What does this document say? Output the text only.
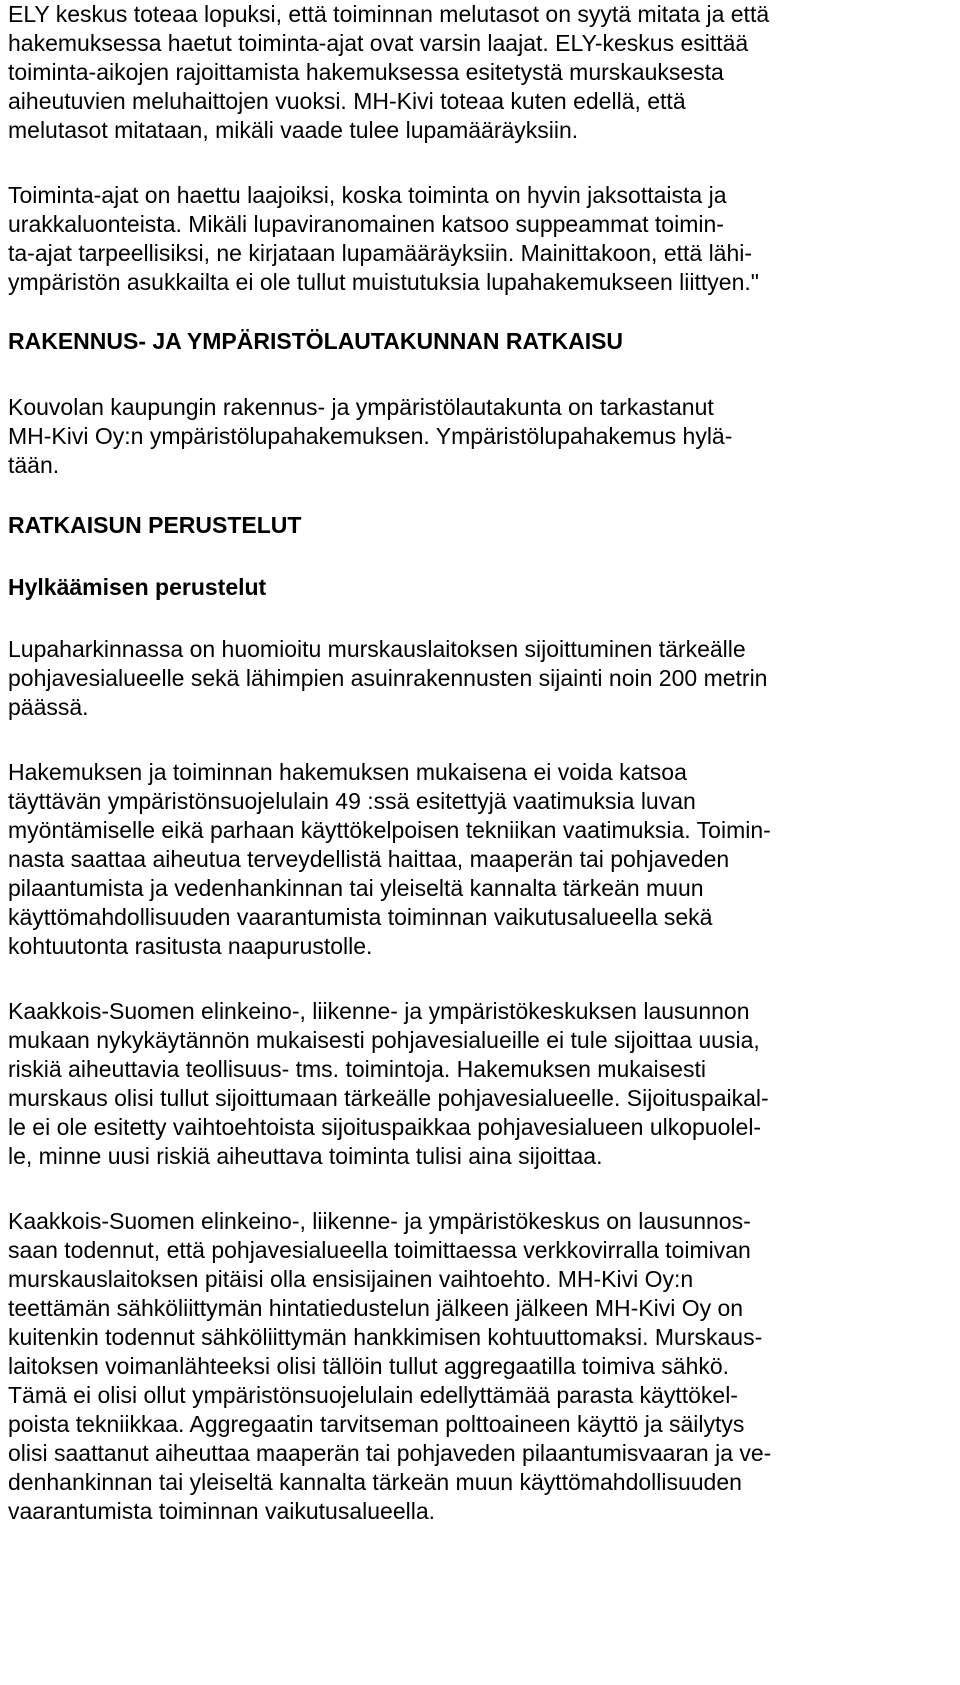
ELY keskus toteaa lopuksi, että toiminnan melutasot on syytä mitata ja että

hakemuksessa haetut toiminta-ajat ovat varsin laajat. ELY-keskus esittää

toiminta-aikojen rajoittamista hakemuksessa esitetystä murskauksesta

aiheutuvien meluhaittojen vuoksi. MH-Kivi toteaa kuten edellä, että

melutasot mitataan, mikäli vaade tulee lupamääräyksiin.

Toiminta-ajat on haettu laajoiksi, koska toiminta on hyvin jaksottaista ja

urakkaluonteista. Mikäli lupaviranomainen katsoo suppeammat toimin-

ta-ajat tarpeellisiksi, ne kirjataan lupamääräyksiin. Mainittakoon, että lähi-

ympäristön asukkailta ei ole tullut muistutuksia lupahakemukseen liittyen."

RAKENNUS- JA YMPÄRISTÖLAUTAKUNNAN RATKAISU

Kouvolan kaupungin rakennus- ja ympäristölautakunta on tarkastanut

MH-Kivi Oy:n ympäristölupahakemuksen. Ympäristölupahakemus hylä-

tään.

RATKAISUN PERUSTELUT

Hylkäämisen perustelut

Lupaharkinnassa on huomioitu murskauslaitoksen sijoittuminen tärkeälle

pohjavesialueelle sekä lähimpien asuinrakennusten sijainti noin 200 metrin

päässä.

Hakemuksen ja toiminnan hakemuksen mukaisena ei voida katsoa

täyttävän ympäristönsuojelulain 49 :ssä esitettyjä vaatimuksia luvan

myöntämiselle eikä parhaan käyttökelpoisen tekniikan vaatimuksia. Toimin-

nasta saattaa aiheutua terveydellistä haittaa, maaperän tai pohjaveden

pilaantumista ja vedenhankinnan tai yleiseltä kannalta tärkeän muun

käyttömahdollisuuden vaarantumista toiminnan vaikutusalueella sekä

kohtuutonta rasitusta naapurustolle.

Kaakkois-Suomen elinkeino-, liikenne- ja ympäristökeskuksen lausunnon

mukaan nykykäytännön mukaisesti pohjavesialueille ei tule sijoittaa uusia,

riskiä aiheuttavia teollisuus- tms. toimintoja. Hakemuksen mukaisesti

murskaus olisi tullut sijoittumaan tärkeälle pohjavesialueelle. Sijoituspaikal-

le ei ole esitetty vaihtoehtoista sijoituspaikkaa pohjavesialueen ulkopuolel-

le, minne uusi riskiä aiheuttava toiminta tulisi aina sijoittaa.

Kaakkois-Suomen elinkeino-, liikenne- ja ympäristökeskus on lausunnos-

saan todennut, että pohjavesialueella toimittaessa verkkovirralla toimivan

murskauslaitoksen pitäisi olla ensisijainen vaihtoehto. MH-Kivi Oy:n

teettämän sähköliittymän hintatiedustelun jälkeen jälkeen MH-Kivi Oy on

kuitenkin todennut sähköliittymän hankkimisen kohtuuttomaksi. Murskaus-

laitoksen voimanlähteeksi olisi tällöin tullut aggregaatilla toimiva sähkö.

Tämä ei olisi ollut ympäristönsuojelulain edellyttämää parasta käyttökel-

poista tekniikkaa. Aggregaatin tarvitseman polttoaineen käyttö ja säilytys

olisi saattanut aiheuttaa maaperän tai pohjaveden pilaantumisvaaran ja ve-

denhankinnan tai yleiseltä kannalta tärkeän muun käyttömahdollisuuden

vaarantumista toiminnan vaikutusalueella.
